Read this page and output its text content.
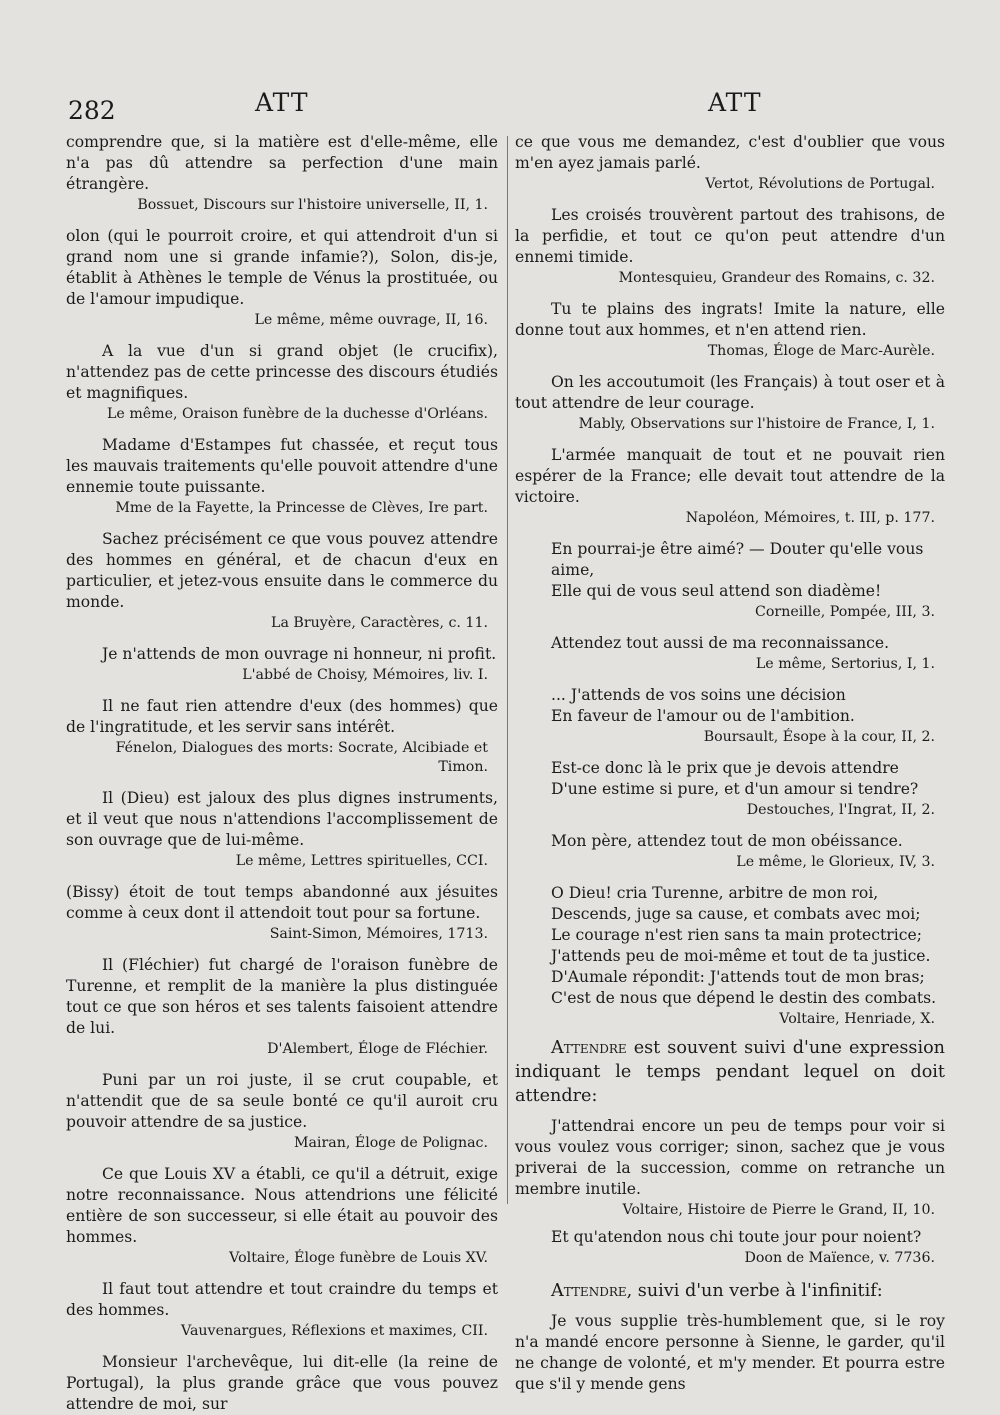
282	ATT	ATT
comprendre que, si la matière est d'elle-même, elle n'a pas dû attendre sa perfection d'une main étrangère.
Bossuet, Discours sur l'histoire universelle, II, 1.
olon (qui le pourroit croire, et qui attendroit d'un si grand nom une si grande infamie?), Solon, dis-je, établit à Athènes le temple de Vénus la prostituée, ou de l'amour impudique.
Le même, même ouvrage, II, 16.
A la vue d'un si grand objet (le crucifix), n'attendez pas de cette princesse des discours étudiés et magnifiques.
Le même, Oraison funèbre de la duchesse d'Orléans.
Madame d'Estampes fut chassée, et reçut tous les mauvais traitements qu'elle pouvoit attendre d'une ennemie toute puissante.
Mme de la Fayette, la Princesse de Clèves, Ire part.
Sachez précisément ce que vous pouvez attendre des hommes en général, et de chacun d'eux en particulier, et jetez-vous ensuite dans le commerce du monde.
La Bruyère, Caractères, c. 11.
Je n'attends de mon ouvrage ni honneur, ni profit.
L'abbé de Choisy, Mémoires, liv. I.
Il ne faut rien attendre d'eux (des hommes) que de l'ingratitude, et les servir sans intérêt.
Fénelon, Dialogues des morts: Socrate, Alcibiade et Timon.
Il (Dieu) est jaloux des plus dignes instruments, et il veut que nous n'attendions l'accomplissement de son ouvrage que de lui-même.
Le même, Lettres spirituelles, CCI.
(Bissy) étoit de tout temps abandonné aux jésuites comme à ceux dont il attendoit tout pour sa fortune.
Saint-Simon, Mémoires, 1713.
Il (Fléchier) fut chargé de l'oraison funèbre de Turenne, et remplit de la manière la plus distinguée tout ce que son héros et ses talents faisoient attendre de lui.
D'Alembert, Éloge de Fléchier.
Puni par un roi juste, il se crut coupable, et n'attendit que de sa seule bonté ce qu'il auroit cru pouvoir attendre de sa justice.
Mairan, Éloge de Polignac.
Ce que Louis XV a établi, ce qu'il a détruit, exige notre reconnaissance. Nous attendrions une félicité entière de son successeur, si elle était au pouvoir des hommes.
Voltaire, Éloge funèbre de Louis XV.
Il faut tout attendre et tout craindre du temps et des hommes.
Vauvenargues, Réflexions et maximes, CII.
Monsieur l'archevêque, lui dit-elle (la reine de Portugal), la plus grande grâce que vous pouvez attendre de moi, sur
ce que vous me demandez, c'est d'oublier que vous m'en ayez jamais parlé.
Vertot, Révolutions de Portugal.
Les croisés trouvèrent partout des trahisons, de la perfidie, et tout ce qu'on peut attendre d'un ennemi timide.
Montesquieu, Grandeur des Romains, c. 32.
Tu te plains des ingrats! Imite la nature, elle donne tout aux hommes, et n'en attend rien.
Thomas, Éloge de Marc-Aurèle.
On les accoutumoit (les Français) à tout oser et à tout attendre de leur courage.
Mably, Observations sur l'histoire de France, I, 1.
L'armée manquait de tout et ne pouvait rien espérer de la France; elle devait tout attendre de la victoire.
Napoléon, Mémoires, t. III, p. 177.
En pourrai-je être aimé? — Douter qu'elle vous aime,
Elle qui de vous seul attend son diadème!
Corneille, Pompée, III, 3.
Attendez tout aussi de ma reconnaissance.
Le même, Sertorius, I, 1.
... J'attends de vos soins une décision
En faveur de l'amour ou de l'ambition.
Boursault, Ésope à la cour, II, 2.
Est-ce donc là le prix que je devois attendre
D'une estime si pure, et d'un amour si tendre?
Destouches, l'Ingrat, II, 2.
Mon père, attendez tout de mon obéissance.
Le même, le Glorieux, IV, 3.
O Dieu! cria Turenne, arbitre de mon roi,
Descends, juge sa cause, et combats avec moi;
Le courage n'est rien sans ta main protectrice;
J'attends peu de moi-même et tout de ta justice.
D'Aumale répondit: J'attends tout de mon bras;
C'est de nous que dépend le destin des combats.
Voltaire, Henriade, X.
Attendre est souvent suivi d'une expression indiquant le temps pendant lequel on doit attendre:
J'attendrai encore un peu de temps pour voir si vous voulez vous corriger; sinon, sachez que je vous priverai de la succession, comme on retranche un membre inutile.
Voltaire, Histoire de Pierre le Grand, II, 10.
Et qu'atendon nous chi toute jour pour noient?
Doon de Maïence, v. 7736.
Attendre, suivi d'un verbe à l'infinitif:
Je vous supplie très-humblement que, si le roy n'a mandé encore personne à Sienne, le garder, qu'il ne change de volonté, et m'y mender. Et pourra estre que s'il y mende gens
